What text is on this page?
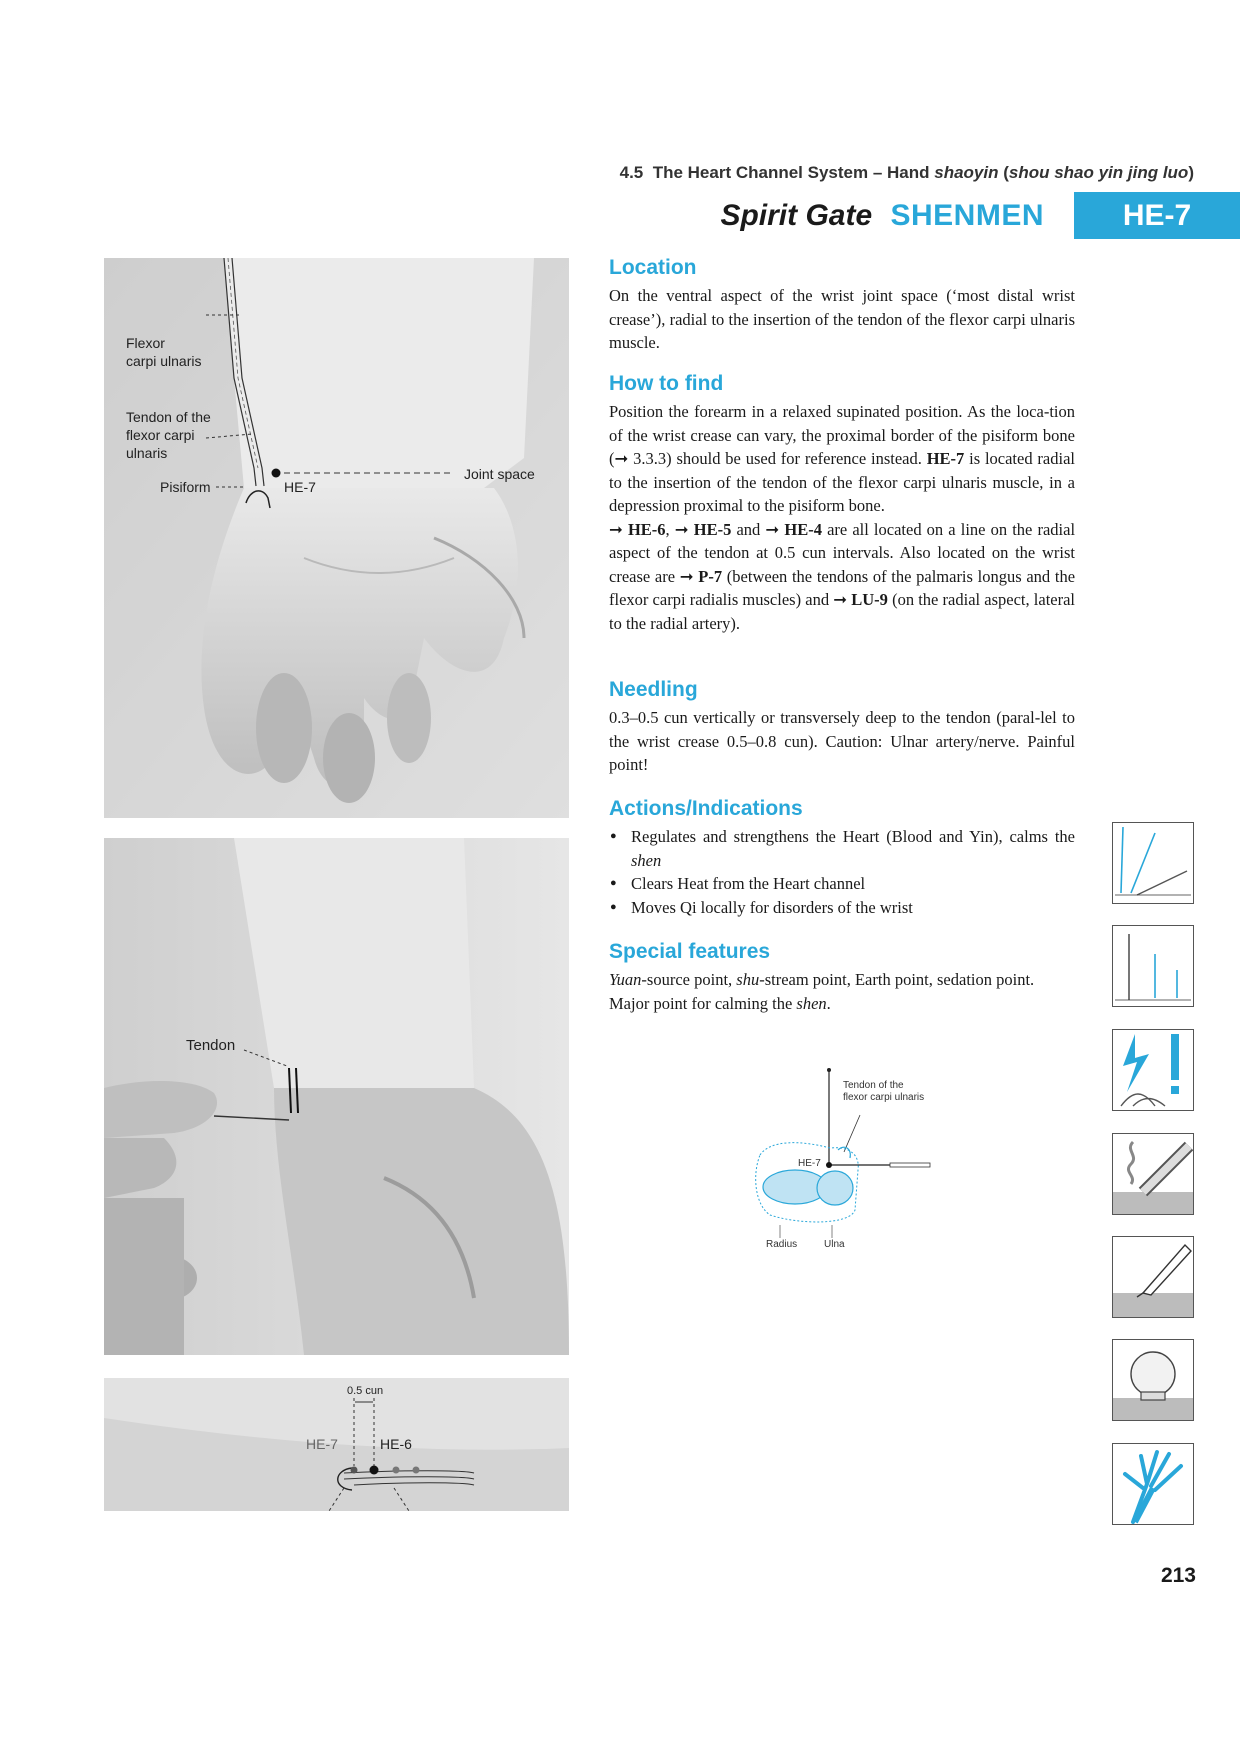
4.5 The Heart Channel System – Hand shaoyin (shou shao yin jing luo)
Spirit Gate SHENMEN	HE-7
Flexor
carpi ulnaris
Tendon of the
flexor carpi
ulnaris
Pisiform	HE-7
Joint space
Tendon
0.5 cun
HE-7	HE-6
Location

On the ventral aspect of the wrist joint space (‘most distal wrist crease’), radial to the insertion of the tendon of the flexor carpi ulnaris muscle.

How to find

Position the forearm in a relaxed supinated position. As the loca-tion of the wrist crease can vary, the proximal border of the pisiform bone (➞ 3.3.3) should be used for reference instead. HE-7 is located radial to the insertion of the tendon of the flexor carpi ulnaris muscle, in a depression proximal to the pisiform bone.

➞ HE-6, ➞ HE-5 and ➞ HE-4 are all located on a line on the radial aspect of the tendon at 0.5 cun intervals. Also located on the wrist crease are ➞ P-7 (between the tendons of the palmaris longus and the flexor carpi radialis muscles) and ➞ LU-9 (on the radial aspect, lateral to the radial artery).

Needling

0.3–0.5 cun vertically or transversely deep to the tendon (paral-lel to the wrist crease 0.5–0.8 cun). Caution: Ulnar artery/nerve. Painful point!

Actions/Indications
● Regulates and strengthens the Heart (Blood and Yin), calms the shen
● Clears Heat from the Heart channel
● Moves Qi locally for disorders of the wrist
Special features

Yuan-source point, shu-stream point, Earth point, sedation point. Major point for calming the shen.

Tendon of the
flexor carpi ulnaris
HE-7
Radius	Ulna
213
